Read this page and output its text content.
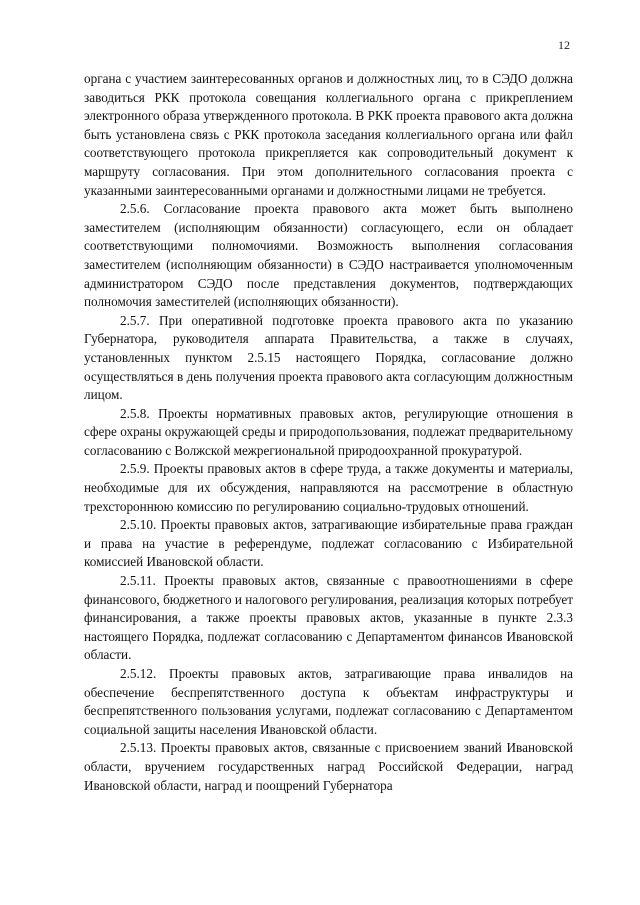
12

органа с участием заинтересованных органов и должностных лиц, то в СЭДО должна заводиться РКК протокола совещания коллегиального органа с прикреплением электронного образа утвержденного протокола. В РКК проекта правового акта должна быть установлена связь с РКК протокола заседания коллегиального органа или файл соответствующего протокола прикрепляется как сопроводительный документ к маршруту согласования. При этом дополнительного согласования проекта с указанными заинтересованными органами и должностными лицами не требуется.

2.5.6. Согласование проекта правового акта может быть выполнено заместителем (исполняющим обязанности) согласующего, если он обладает соответствующими полномочиями. Возможность выполнения согласования заместителем (исполняющим обязанности) в СЭДО настраивается уполномоченным администратором СЭДО после представления документов, подтверждающих полномочия заместителей (исполняющих обязанности).

2.5.7. При оперативной подготовке проекта правового акта по указанию Губернатора, руководителя аппарата Правительства, а также в случаях, установленных пунктом 2.5.15 настоящего Порядка, согласование должно осуществляться в день получения проекта правового акта согласующим должностным лицом.

2.5.8. Проекты нормативных правовых актов, регулирующие отношения в сфере охраны окружающей среды и природопользования, подлежат предварительному согласованию с Волжской межрегиональной природоохранной прокуратурой.

2.5.9. Проекты правовых актов в сфере труда, а также документы и материалы, необходимые для их обсуждения, направляются на рассмотрение в областную трехстороннюю комиссию по регулированию социально-трудовых отношений.

2.5.10. Проекты правовых актов, затрагивающие избирательные права граждан и права на участие в референдуме, подлежат согласованию с Избирательной комиссией Ивановской области.

2.5.11. Проекты правовых актов, связанные с правоотношениями в сфере финансового, бюджетного и налогового регулирования, реализация которых потребует финансирования, а также проекты правовых актов, указанные в пункте 2.3.3 настоящего Порядка, подлежат согласованию с Департаментом финансов Ивановской области.

2.5.12. Проекты правовых актов, затрагивающие права инвалидов на обеспечение беспрепятственного доступа к объектам инфраструктуры и беспрепятственного пользования услугами, подлежат согласованию с Департаментом социальной защиты населения Ивановской области.

2.5.13. Проекты правовых актов, связанные с присвоением званий Ивановской области, вручением государственных наград Российской Федерации, наград Ивановской области, наград и поощрений Губернатора
